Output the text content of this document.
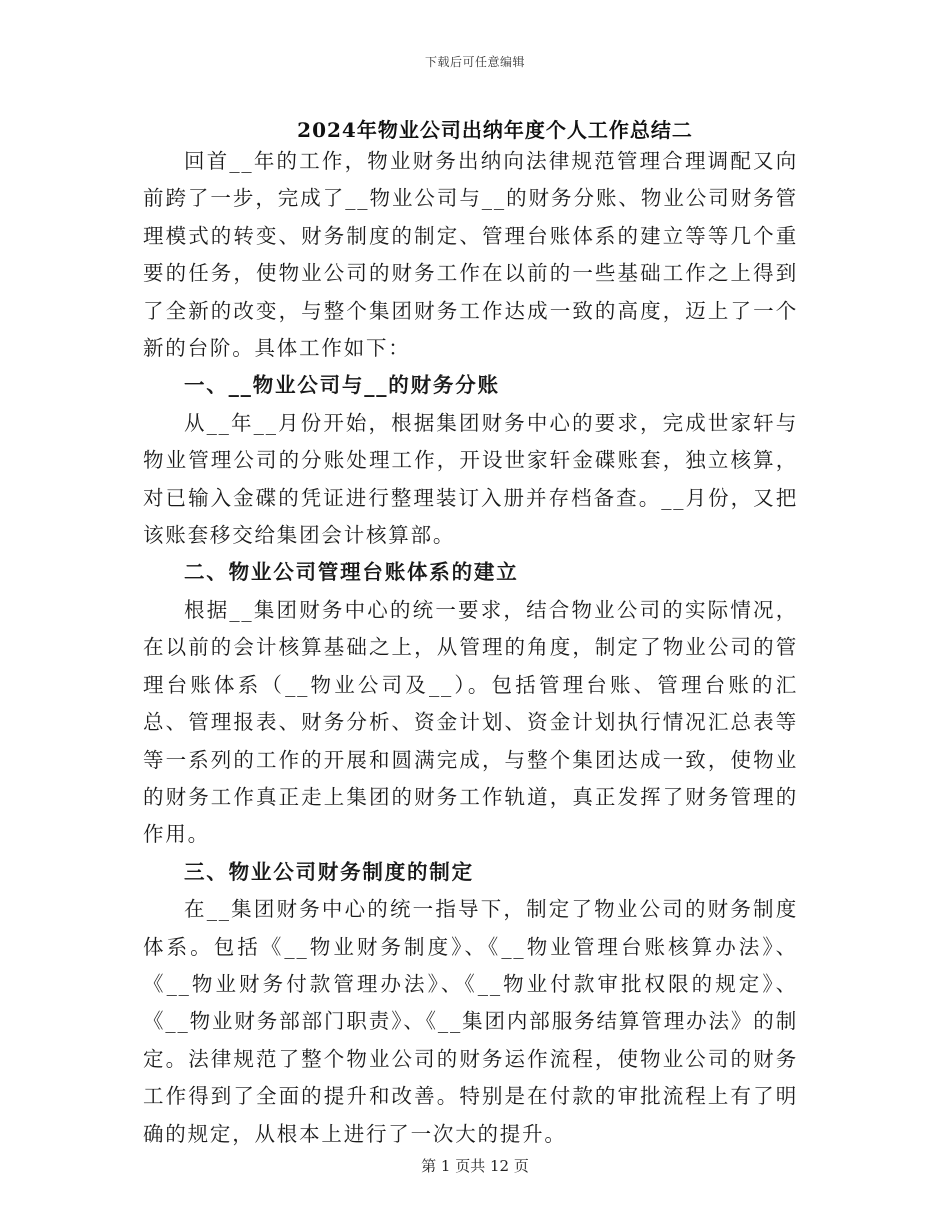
下载后可任意编辑
2024年物业公司出纳年度个人工作总结二

回首__年的工作，物业财务出纳向法律规范管理合理调配又向前跨了一步，完成了__物业公司与__的财务分账、物业公司财务管理模式的转变、财务制度的制定、管理台账体系的建立等等几个重要的任务，使物业公司的财务工作在以前的一些基础工作之上得到了全新的改变，与整个集团财务工作达成一致的高度，迈上了一个新的台阶。具体工作如下：

一、__物业公司与__的财务分账

从__年__月份开始，根据集团财务中心的要求，完成世家轩与物业管理公司的分账处理工作，开设世家轩金碟账套，独立核算，对已输入金碟的凭证进行整理装订入册并存档备查。__月份，又把该账套移交给集团会计核算部。

二、物业公司管理台账体系的建立

根据__集团财务中心的统一要求，结合物业公司的实际情况，在以前的会计核算基础之上，从管理的角度，制定了物业公司的管理台账体系（__物业公司及__）。包括管理台账、管理台账的汇总、管理报表、财务分析、资金计划、资金计划执行情况汇总表等等一系列的工作的开展和圆满完成，与整个集团达成一致，使物业的财务工作真正走上集团的财务工作轨道，真正发挥了财务管理的作用。

三、物业公司财务制度的制定

在__集团财务中心的统一指导下，制定了物业公司的财务制度体系。包括《__物业财务制度》、《__物业管理台账核算办法》、《__物业财务付款管理办法》、《__物业付款审批权限的规定》、《__物业财务部部门职责》、《__集团内部服务结算管理办法》的制定。法律规范了整个物业公司的财务运作流程，使物业公司的财务工作得到了全面的提升和改善。特别是在付款的审批流程上有了明确的规定，从根本上进行了一次大的提升。

第 1 页共 12 页
